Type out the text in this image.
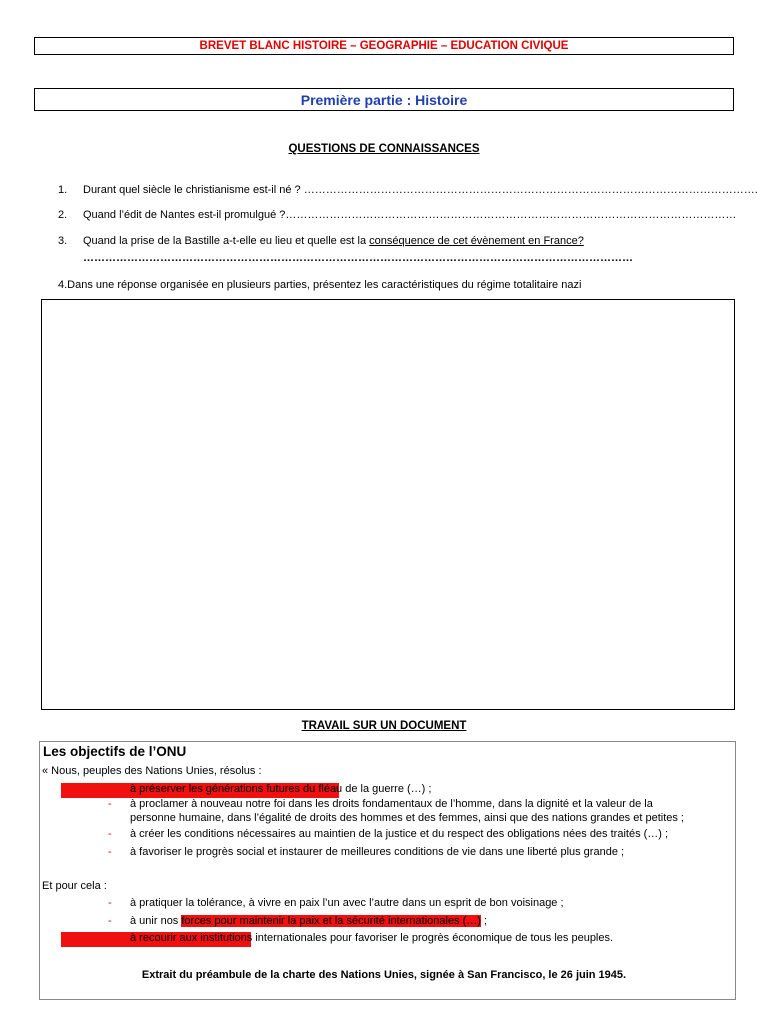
BREVET BLANC HISTOIRE – GEOGRAPHIE – EDUCATION CIVIQUE
Première partie : Histoire
QUESTIONS DE CONNAISSANCES
1. Durant quel siècle le christianisme est-il né ? …………………………………………………………………………………………………………….
2. Quand l’édit de Nantes est-il promulgué ?……………………………………………………………………………………………………………
3. Quand la prise de la Bastille a-t-elle eu lieu et quelle est la conséquence de cet évènement en France?
……………………………………………………………………………………………………………………………………
4.Dans une réponse organisée en plusieurs parties, présentez les caractéristiques du régime totalitaire nazi
TRAVAIL SUR UN DOCUMENT
Les objectifs de l’ONU
« Nous, peuples des Nations Unies, résolus :
à préserver les générations futures du fléau de la guerre (…) ;
- à proclamer à nouveau notre foi dans les droits fondamentaux de l’homme, dans la dignité et la valeur de la
personne humaine, dans l’égalité de droits des hommes et des femmes, ainsi que des nations grandes et petites ;
- à créer les conditions nécessaires au maintien de la justice et du respect des obligations nées des traités (…) ;
- à favoriser le progrès social et instaurer de meilleures conditions de vie dans une liberté plus grande ;
Et pour cela :
- à pratiquer la tolérance, à vivre en paix l’un avec l’autre dans un esprit de bon voisinage ;
- à unir nos forces pour maintenir la paix et la sécurité internationales (…) ;
à recourir aux institutions internationales pour favoriser le progrès économique de tous les peuples.
Extrait du préambule de la charte des Nations Unies, signée à San Francisco, le 26 juin 1945.
